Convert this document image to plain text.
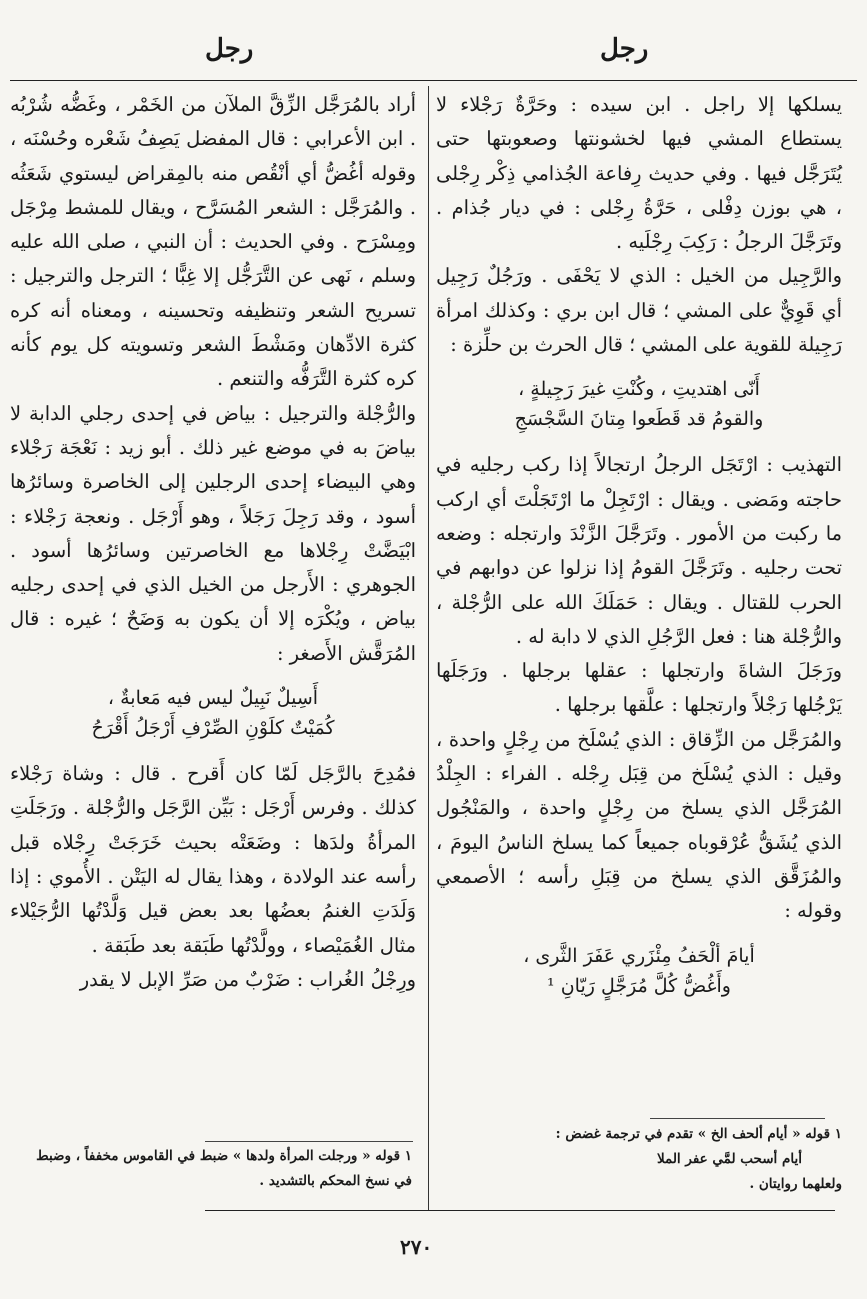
رجل
رجل

يسلكها إلا راجل . ابن سيده : وحَرَّةٌ رَجْلاء لا يستطاع المشي فيها لخشونتها وصعوبتها حتى يُتَرَجَّل فيها . وفي حديث رِفاعة الجُذامي ذِكْر رِجْلى ، هي بوزن دِفْلى ، حَرَّةُ رِجْلى : في ديار جُذام . وتَرَجَّلَ الرجلُ : رَكِبَ رِجْلَيه .

والرَّجِيل من الخيل : الذي لا يَحْفَى . ورَجُلٌ رَجِيل أي قَوِيٌّ على المشي ؛ قال ابن بري : وكذلك امرأة رَجِيلة للقوية على المشي ؛ قال الحرث بن حلِّزة :

أَنّى اهتديتِ ، وكُنْتِ غيرَ رَجِيلةٍ ،

والقومُ قد قَطَعوا مِتانَ السَّجْسَجِ

التهذيب : ارْتَجَل الرجلُ ارتجالاً إذا ركب رجليه في حاجته ومَضى . ويقال : ارْتَجِلْ ما ارْتَجَلْتَ أي اركب ما ركبت من الأمور . وتَرَجَّلَ الزَّنْدَ وارتجله : وضعه تحت رجليه . وتَرَجَّلَ القومُ إذا نزلوا عن دوابهم في الحرب للقتال . ويقال : حَمَلَكَ الله على الرُّجْلة ، والرُّجْلة هنا : فعل الرَّجُلِ الذي لا دابة له .

ورَجَلَ الشاةَ وارتجلها : عقلها برجلها . ورَجَلَها يَرْجُلها رَجْلاً وارتجلها : علَّقها برجلها .

والمُرَجَّل من الزِّقاق : الذي يُسْلَخ من رِجْلٍ واحدة ، وقيل : الذي يُسْلَخ من قِبَل رِجْله . الفراء : الجِلْدُ المُرَجَّل الذي يسلخ من رِجْلٍ واحدة ، والمَنْجُول الذي يُشَقُّ عُرْقوباه جميعاً كما يسلخ الناسُ اليومَ ، والمُزَقَّق الذي يسلخ من قِبَلِ رأسه ؛ الأصمعي وقوله :

أيامَ ألْحَفُ مِئْزَري عَفَرَ الثَّرى ،

وأَغُضُّ كُلَّ مُرَجَّلٍ رَيّانِ ¹

أراد بالمُرَجَّل الزِّقَّ الملآن من الخَمْر ، وغَضُّه شُرْبُه . ابن الأعرابي : قال المفضل يَصِفُ شَعْره وحُسْنَه ، وقوله أغُضُّ أي أنْقُص منه بالمِقراض ليستوي شَعَثُه . والمُرَجَّل : الشعر المُسَرَّح ، ويقال للمشط مِرْجَل ومِسْرَح . وفي الحديث : أن النبي ، صلى الله عليه وسلم ، نَهى عن التَّرَجُّل إلا غِبًّا ؛ الترجل والترجيل : تسريح الشعر وتنظيفه وتحسينه ، ومعناه أنه كره كثرة الادِّهان ومَشْطَ الشعر وتسويته كل يوم كأنه كره كثرة التَّرَفُّه والتنعم .

والرُّجْلة والترجيل : بياض في إحدى رجلي الدابة لا بياضَ به في موضع غير ذلك . أبو زيد : نَعْجَة رَجْلاء وهي البيضاء إحدى الرجلين إلى الخاصرة وسائرُها أسود ، وقد رَجِلَ رَجَلاً ، وهو أَرْجَل . ونعجة رَجْلاء : ابْيَضَّتْ رِجْلاها مع الخاصرتين وسائرُها أسود . الجوهري : الأَرجل من الخيل الذي في إحدى رجليه بياض ، ويُكْرَه إلا أن يكون به وَضَحٌ ؛ غيره : قال المُرَقَّش الأَصغر :

أَسِيلٌ نَبِيلٌ ليس فيه مَعابةٌ ،

كُمَيْتٌ كلَوْنِ الصِّرْفِ أَرْجَلُ أَقْرَحُ

فمُدِحَ بالرَّجَل لَمّا كان أَقرح . قال : وشاة رَجْلاء كذلك . وفرس أَرْجَل : بَيِّن الرَّجَل والرُّجْلة . ورَجَلَتِ المرأةُ ولدَها : وضَعَتْه بحيث خَرَجَتْ رِجْلاه قبل رأسه عند الولادة ، وهذا يقال له اليَتْن . الأُموي : إذا وَلَدَتِ الغنمُ بعضُها بعد بعض قيل وَلَّدْتُها الرُّجَيْلاء مثال الغُمَيْصاء ، وولَّدْتُها طَبَقة بعد طَبَقة .

ورِجْلُ الغُراب : ضَرْبٌ من صَرِّ الإبل لا يقدر

١ قوله « أيام ألحف الخ » تقدم في ترجمة غضض :

أيام أسحب لمَّي عفر الملا

ولعلهما روايتان .

١ قوله « ورجلت المرأة ولدها » ضبط في القاموس مخففاً ، وضبط

في نسخ المحكم بالتشديد .

٢٧٠
